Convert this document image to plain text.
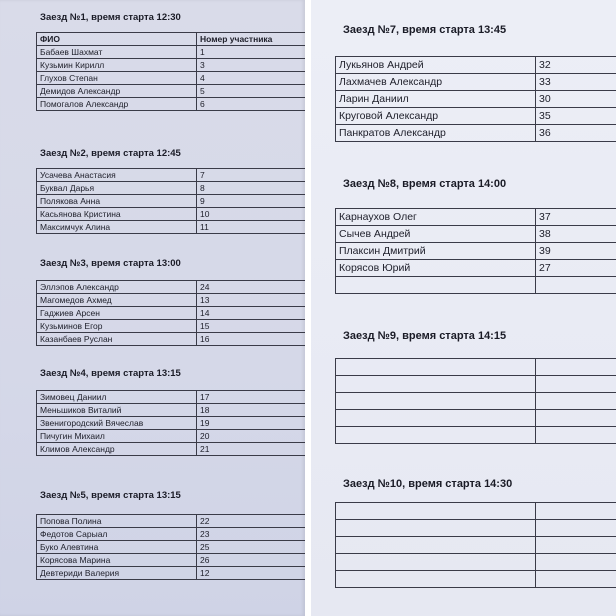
Заезд №1, время старта 12:30
ФИО	Номер участника
Бабаев Шахмат	1
Кузьмин Кирилл	3
Глухов Степан	4
Демидов Александр	5
Помогалов Александр	6
Заезд №2, время старта 12:45
Усачева Анастасия	7
Буквал Дарья	8
Полякова Анна	9
Касьянова Кристина	10
Максимчук Алина	11
Заезд №3, время старта 13:00
Эллэпов Александр	24
Магомедов Ахмед	13
Гаджиев Арсен	14
Кузьминов Егор	15
Казанбаев Руслан	16
Заезд №4, время старта 13:15
Зимовец Даниил	17
Меньшиков Виталий	18
Звенигородский Вячеслав	19
Пичугин Михаил	20
Климов Александр	21
Заезд №5, время старта 13:15
Попова Полина	22
Федотов Сарыал	23
Буко Алевтина	25
Корясова Марина	26
Девтериди Валерия	12
Заезд №7, время старта 13:45
Лукьянов Андрей	32
Лахмачев Александр	33
Ларин Даниил	30
Круговой Александр	35
Панкратов Александр	36
Заезд №8, время старта 14:00
Карнаухов Олег	37
Сычев Андрей	38
Плаксин Дмитрий	39
Корясов Юрий	27

Заезд №9, время старта 14:15

Заезд №10, время старта 14:30
